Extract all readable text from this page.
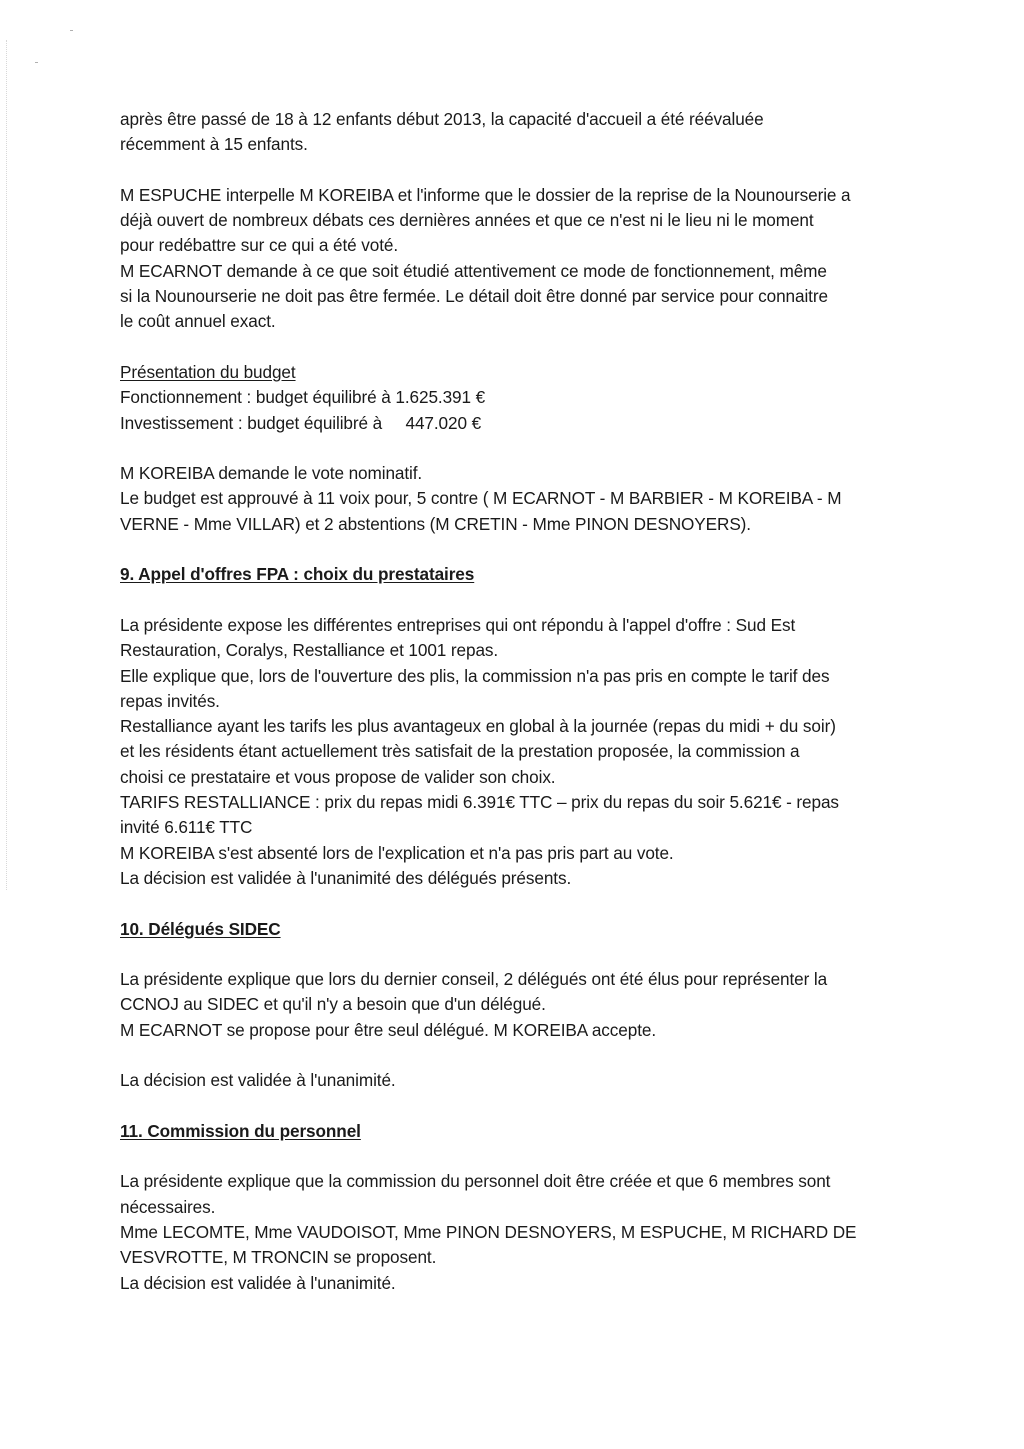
après être passé de 18 à 12 enfants début 2013, la capacité d'accueil a été réévaluée

récemment à 15 enfants.

M ESPUCHE interpelle M KOREIBA et l'informe que le dossier de la reprise de la Nounourserie a

déjà ouvert de nombreux débats ces dernières années et que ce n'est ni le lieu ni le moment

pour redébattre sur ce qui a été voté.

M ECARNOT demande à ce que soit étudié attentivement ce mode de fonctionnement, même

si la Nounourserie ne doit pas être fermée. Le détail doit être donné par service pour connaitre

le coût annuel exact.

Présentation du budget

Fonctionnement : budget équilibré à 1.625.391 €

Investissement : budget équilibré à     447.020 €

M KOREIBA demande le vote nominatif.

Le budget est approuvé à 11 voix pour, 5 contre ( M ECARNOT - M BARBIER - M KOREIBA - M

VERNE - Mme VILLAR) et 2 abstentions (M CRETIN - Mme PINON DESNOYERS).

9. Appel d'offres FPA : choix du prestataires

La présidente expose les différentes entreprises qui ont répondu à l'appel d'offre : Sud Est

Restauration, Coralys, Restalliance et 1001 repas.

Elle explique que, lors de l'ouverture des plis, la commission n'a pas pris en compte le tarif des

repas invités.

Restalliance ayant les tarifs les plus avantageux en global à la journée (repas du midi + du soir)

et les résidents étant actuellement très satisfait de la prestation proposée, la commission a

choisi ce prestataire et vous propose de valider son choix.

TARIFS RESTALLIANCE : prix du repas midi 6.391€ TTC – prix du repas du soir 5.621€ - repas

invité 6.611€ TTC

M KOREIBA s'est absenté lors de l'explication et n'a pas pris part au vote.

La décision est validée à l'unanimité des délégués présents.

10. Délégués SIDEC

La présidente explique que lors du dernier conseil, 2 délégués ont été élus pour représenter la

CCNOJ au SIDEC et qu'il n'y a besoin que d'un délégué.

M ECARNOT se propose pour être seul délégué. M KOREIBA accepte.

La décision est validée à l'unanimité.

11. Commission du personnel

La présidente explique que la commission du personnel doit être créée et que 6 membres sont

nécessaires.

Mme LECOMTE, Mme VAUDOISOT, Mme PINON DESNOYERS, M ESPUCHE, M RICHARD DE

VESVROTTE, M TRONCIN se proposent.

La décision est validée à l'unanimité.
